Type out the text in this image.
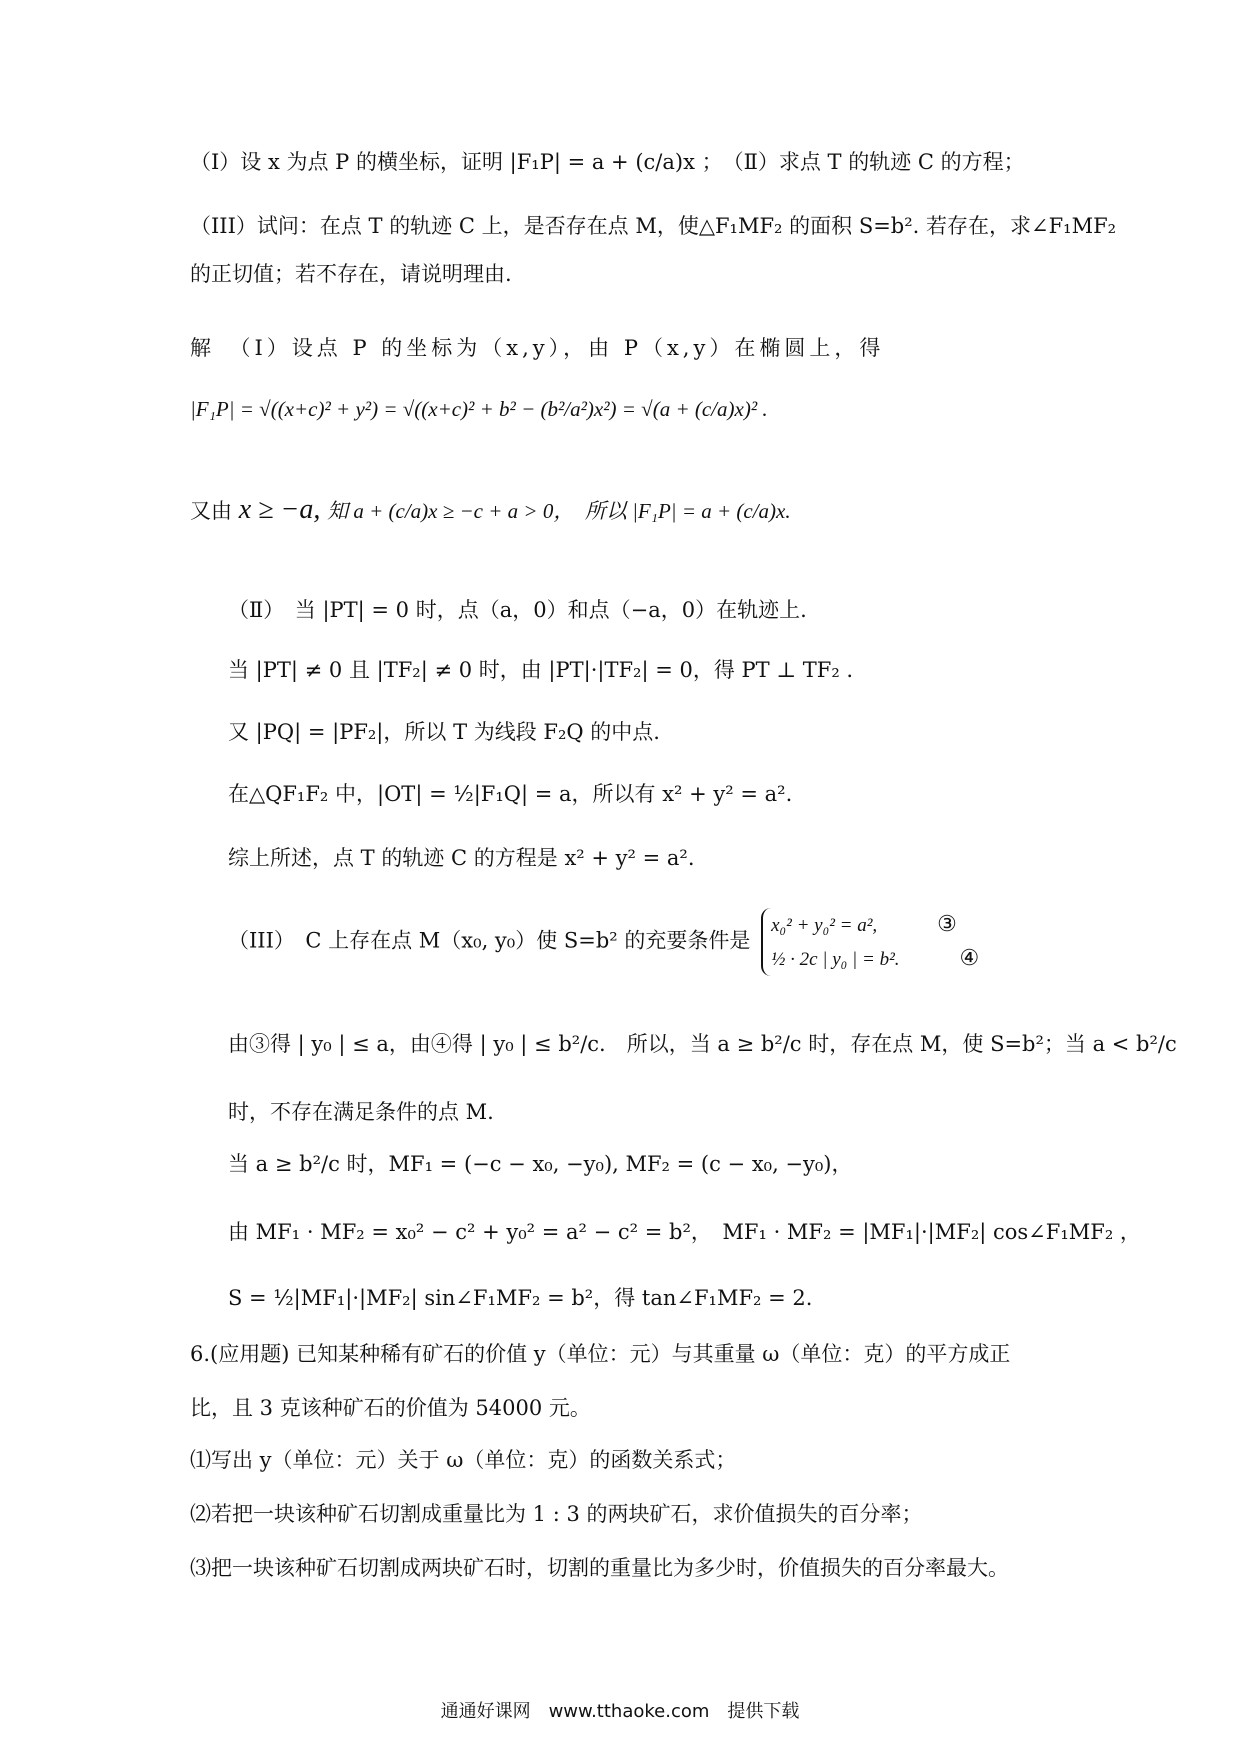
（Ⅰ）设 x 为点 P 的横坐标，证明 |F₁P| = a + (c/a)x ；　（Ⅱ）求点 T 的轨迹 C 的方程；
（III）试问：在点 T 的轨迹 C 上，是否存在点 M，使△F₁MF₂ 的面积 S=b². 若存在，求∠F₁MF₂
的正切值；若不存在，请说明理由.
解　（Ⅰ）设点 P 的坐标为（x,y），由 P（x,y）在椭圆上，得
|F₁P| = √((x+c)² + y²) = √((x+c)² + b² − (b²/a²)x²) = √(a + (c/a)x)² .
又由 x ≥ −a, 知 a + (c/a)x ≥ −c + a > 0，　所以 |F₁P| = a + (c/a)x.
（Ⅱ）　当 |PT| = 0 时，点（a，0）和点（−a，0）在轨迹上.
当 |PT| ≠ 0 且 |TF₂| ≠ 0 时，由 |PT|·|TF₂| = 0，得 PT ⊥ TF₂ .
又 |PQ| = |PF₂|，所以 T 为线段 F₂Q 的中点.
在△QF₁F₂ 中，|OT| = ½|F₁Q| = a，所以有 x² + y² = a².
综上所述，点 T 的轨迹 C 的方程是 x² + y² = a².
（III）　C 上存在点 M（x₀, y₀）使 S=b² 的充要条件是
x₀² + y₀² = a²,	③
½ · 2c | y₀ | = b².	④
由③得 | y₀ | ≤ a，由④得 | y₀ | ≤ b²/c.　所以，当 a ≥ b²/c 时，存在点 M，使 S=b²；当 a < b²/c
时，不存在满足条件的点 M.
当 a ≥ b²/c 时，MF₁ = (−c − x₀, −y₀), MF₂ = (c − x₀, −y₀)，
由 MF₁ · MF₂ = x₀² − c² + y₀² = a² − c² = b²，　MF₁ · MF₂ = |MF₁|·|MF₂| cos∠F₁MF₂ ，
S = ½|MF₁|·|MF₂| sin∠F₁MF₂ = b²，得 tan∠F₁MF₂ = 2.
6.(应用题) 已知某种稀有矿石的价值 y（单位：元）与其重量 ω（单位：克）的平方成正
比，且 3 克该种矿石的价值为 54000 元。
⑴写出 y（单位：元）关于 ω（单位：克）的函数关系式；
⑵若把一块该种矿石切割成重量比为 1 : 3 的两块矿石，求价值损失的百分率；
⑶把一块该种矿石切割成两块矿石时，切割的重量比为多少时，价值损失的百分率最大。
通通好课网　www.tthaoke.com　提供下载
